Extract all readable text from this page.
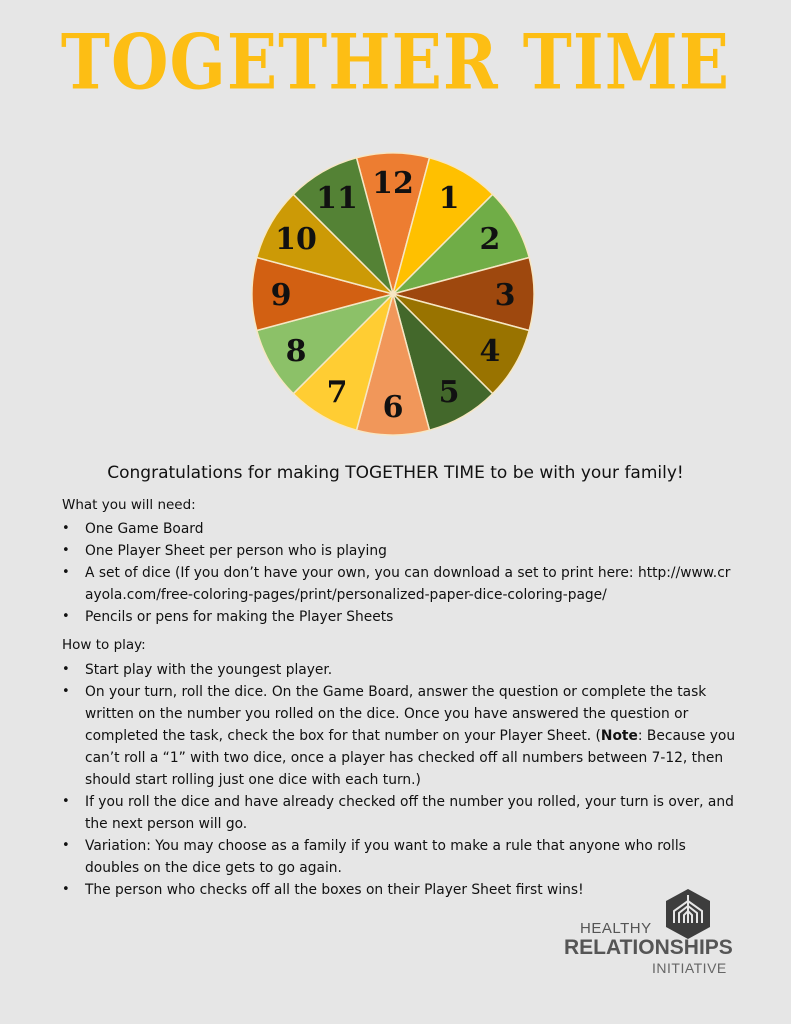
TOGETHER TIME
12 1
2
3
4
5
6
7
8
9
10
11
Congratulations for making TOGETHER TIME to be with your family!
What you will need:
• One Game Board
• One Player Sheet per person who is playing
• A set of dice (If you don’t have your own, you can download a set to print here: http://www.crayola.com/free-coloring-pages/print/personalized-paper-dice-coloring-page/
• Pencils or pens for making the Player Sheets
How to play:
• Start play with the youngest player.
• On your turn, roll the dice. On the Game Board, answer the question or complete the task written on the number you rolled on the dice. Once you have answered the question or completed the task, check the box for that number on your Player Sheet. (Note: Because you can’t roll a “1” with two dice, once a player has checked off all numbers between 7-12, then should start rolling just one dice with each turn.)
• If you roll the dice and have already checked off the number you rolled, your turn is over, and the next person will go.
• Variation: You may choose as a family if you want to make a rule that anyone who rolls doubles on the dice gets to go again.
• The person who checks off all the boxes on their Player Sheet first wins!
HEALTHY
RELATIONSHIPS
INITIATIVE
